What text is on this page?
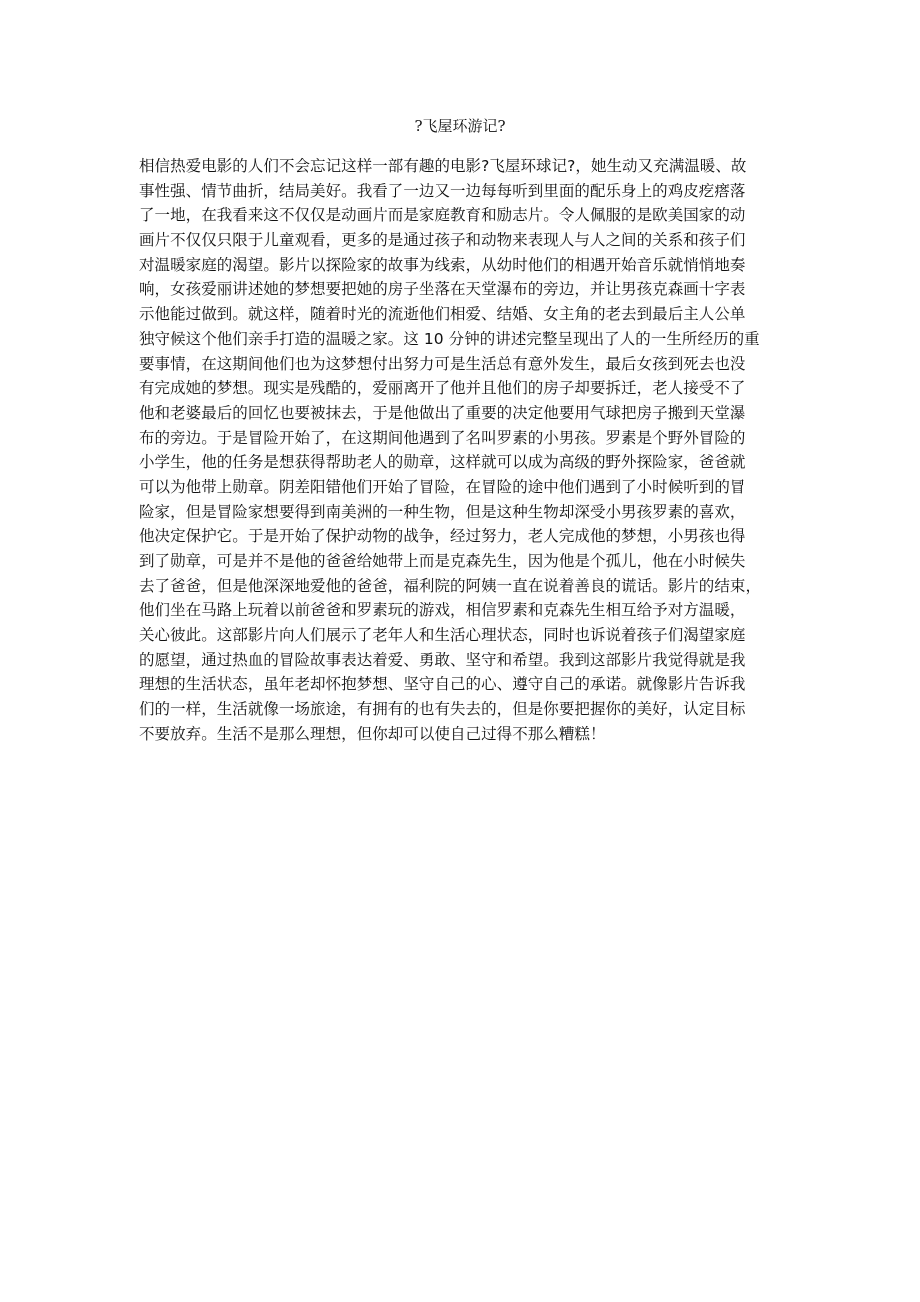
?飞屋环游记?
相信热爱电影的人们不会忘记这样一部有趣的电影?飞屋环球记?，她生动又充满温暖、故
事性强、情节曲折，结局美好。我看了一边又一边每每听到里面的配乐身上的鸡皮疙瘩落
了一地，在我看来这不仅仅是动画片而是家庭教育和励志片。令人佩服的是欧美国家的动
画片不仅仅只限于儿童观看，更多的是通过孩子和动物来表现人与人之间的关系和孩子们
对温暖家庭的渴望。影片以探险家的故事为线索，从幼时他们的相遇开始音乐就悄悄地奏
响，女孩爱丽讲述她的梦想要把她的房子坐落在天堂瀑布的旁边，并让男孩克森画十字表
示他能过做到。就这样，随着时光的流逝他们相爱、结婚、女主角的老去到最后主人公单
独守候这个他们亲手打造的温暖之家。这 10 分钟的讲述完整呈现出了人的一生所经历的重
要事情，在这期间他们也为这梦想付出努力可是生活总有意外发生，最后女孩到死去也没
有完成她的梦想。现实是残酷的，爱丽离开了他并且他们的房子却要拆迁，老人接受不了
他和老婆最后的回忆也要被抹去，于是他做出了重要的决定他要用气球把房子搬到天堂瀑
布的旁边。于是冒险开始了，在这期间他遇到了名叫罗素的小男孩。罗素是个野外冒险的
小学生，他的任务是想获得帮助老人的勋章，这样就可以成为高级的野外探险家，爸爸就
可以为他带上勋章。阴差阳错他们开始了冒险，在冒险的途中他们遇到了小时候听到的冒
险家，但是冒险家想要得到南美洲的一种生物，但是这种生物却深受小男孩罗素的喜欢，
他决定保护它。于是开始了保护动物的战争，经过努力，老人完成他的梦想，小男孩也得
到了勋章，可是并不是他的爸爸给她带上而是克森先生，因为他是个孤儿，他在小时候失
去了爸爸，但是他深深地爱他的爸爸，福利院的阿姨一直在说着善良的谎话。影片的结束，
他们坐在马路上玩着以前爸爸和罗素玩的游戏，相信罗素和克森先生相互给予对方温暖，
关心彼此。这部影片向人们展示了老年人和生活心理状态，同时也诉说着孩子们渴望家庭
的愿望，通过热血的冒险故事表达着爱、勇敢、坚守和希望。我到这部影片我觉得就是我
理想的生活状态，虽年老却怀抱梦想、坚守自己的心、遵守自己的承诺。就像影片告诉我
们的一样，生活就像一场旅途，有拥有的也有失去的，但是你要把握你的美好，认定目标
不要放弃。生活不是那么理想，但你却可以使自己过得不那么糟糕！
